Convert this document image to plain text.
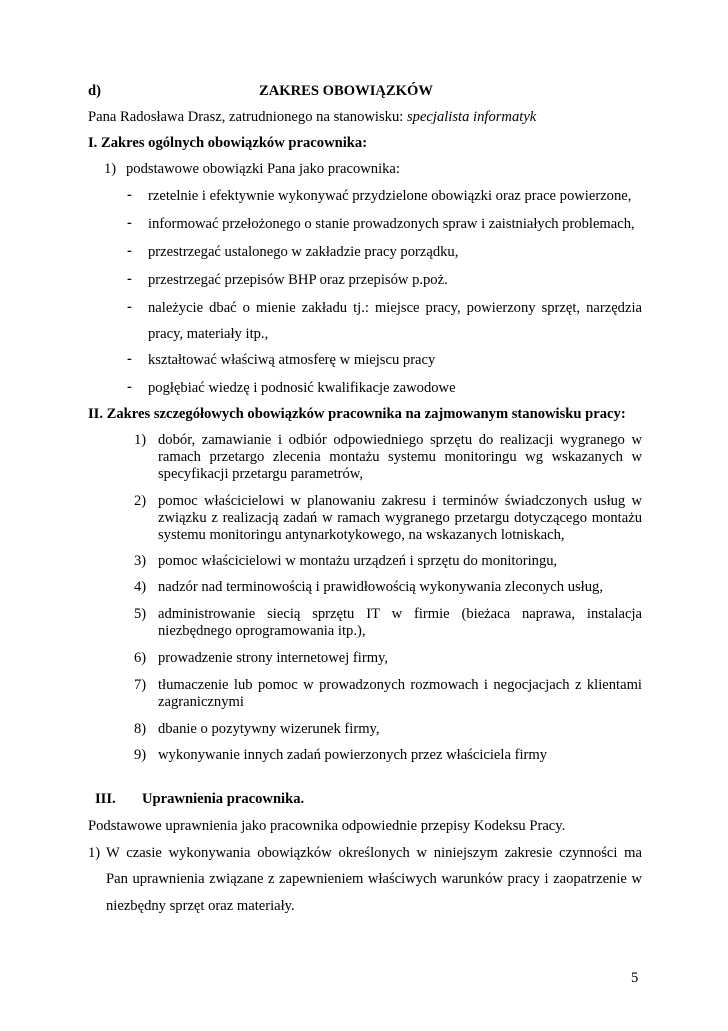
d)	ZAKRES OBOWIĄZKÓW
Pana Radosława Drasz, zatrudnionego na stanowisku: specjalista informatyk
I. Zakres ogólnych obowiązków pracownika:
1) podstawowe obowiązki Pana jako pracownika:
- rzetelnie i efektywnie wykonywać przydzielone obowiązki oraz prace powierzone,
- informować przełożonego o stanie prowadzonych spraw i zaistniałych problemach,
- przestrzegać ustalonego w zakładzie pracy porządku,
- przestrzegać przepisów BHP oraz przepisów p.poż.
- należycie dbać o mienie zakładu tj.: miejsce pracy, powierzony sprzęt, narzędzia
pracy, materiały itp.,
- kształtować właściwą atmosferę w miejscu pracy
- pogłębiać wiedzę i podnosić kwalifikacje zawodowe
II. Zakres szczegółowych obowiązków pracownika na zajmowanym stanowisku pracy:
1) dobór, zamawianie i odbiór odpowiedniego sprzętu do realizacji wygranego w
ramach przetargo zlecenia montażu systemu monitoringu wg wskazanych w
specyfikacji przetargu parametrów,
2) pomoc właścicielowi w planowaniu zakresu i terminów świadczonych usług w
związku z realizacją zadań w ramach wygranego przetargu dotyczącego montażu
systemu monitoringu antynarkotykowego, na wskazanych lotniskach,
3) pomoc właścicielowi w montażu urządzeń i sprzętu do monitoringu,
4) nadzór nad terminowością i prawidłowością wykonywania zleconych usług,
5) administrowanie siecią sprzętu IT w firmie (bieżaca naprawa, instalacja
niezbędnego oprogramowania itp.),
6) prowadzenie strony internetowej firmy,
7) tłumaczenie lub pomoc w prowadzonych rozmowach i negocjacjach z klientami
zagranicznymi
8) dbanie o pozytywny wizerunek firmy,
9) wykonywanie innych zadań powierzonych przez właściciela firmy
III. Uprawnienia pracownika.
Podstawowe uprawnienia jako pracownika odpowiednie przepisy Kodeksu Pracy.
1) W czasie wykonywania obowiązków określonych w niniejszym zakresie czynności ma
Pan uprawnienia związane z zapewnieniem właściwych warunków pracy i zaopatrzenie w
niezbędny sprzęt oraz materiały.
5
